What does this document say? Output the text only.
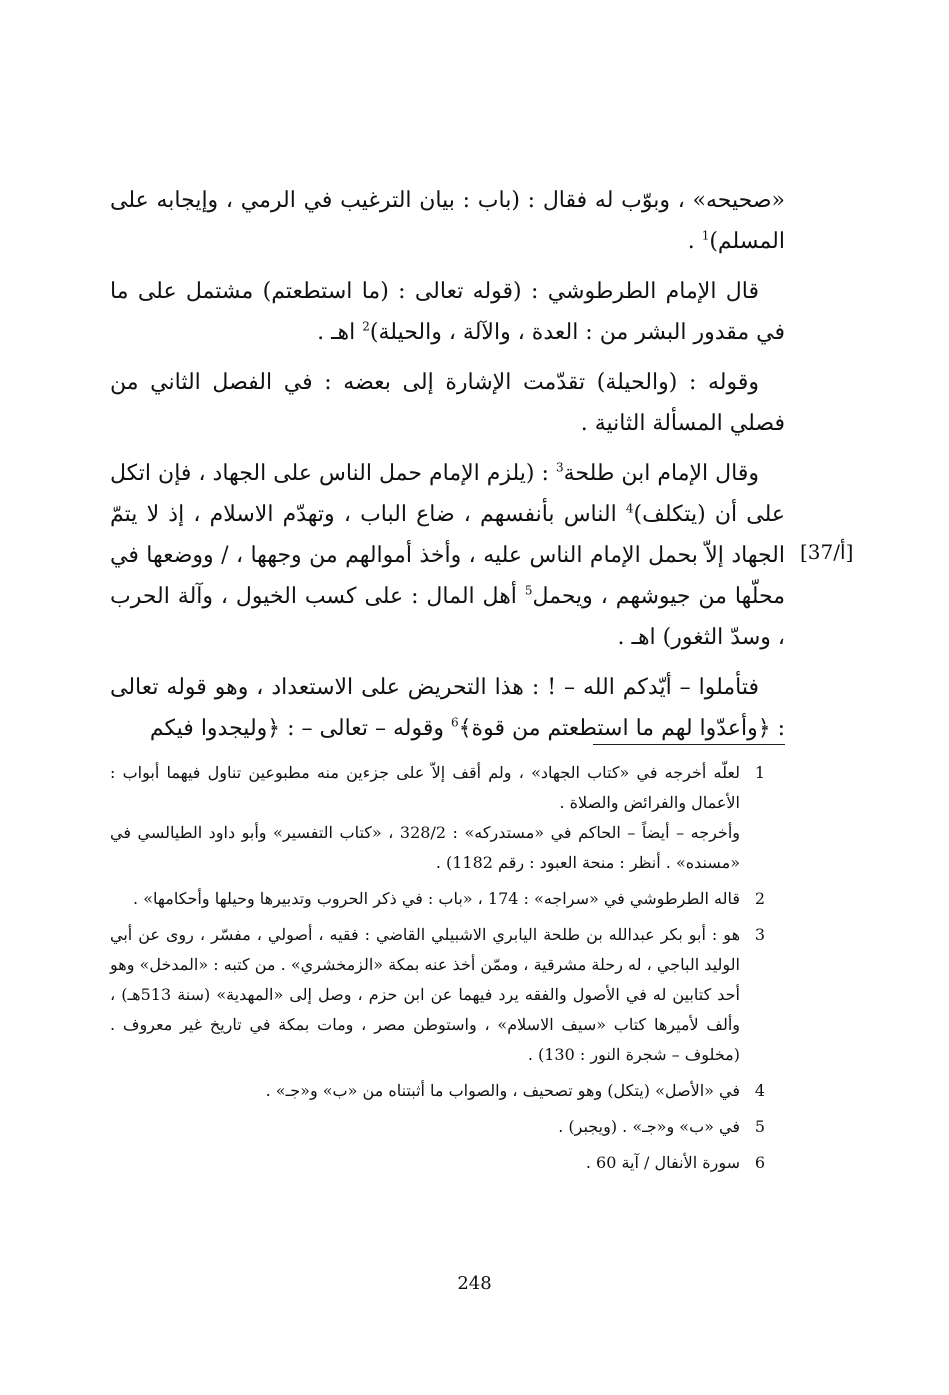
«صحيحه» ، وبوّب له فقال : (باب : بيان الترغيب في الرمي ، وإيجابه على المسلم)$^1$ .

قال الإمام الطرطوشي : (قوله تعالى : (ما استطعتم) مشتمل على ما في مقدور البشر من : العدة ، والآلة ، والحيلة)$^2$ اهـ .

وقوله : (والحيلة) تقدّمت الإشارة إلى بعضه : في الفصل الثاني من فصلي المسألة الثانية .

وقال الإمام ابن طلحة$^3$ : (يلزم الإمام حمل الناس على الجهاد ، فإن اتكل على أن (يتكلف)$^4$ الناس بأنفسهم ، ضاع الباب ، وتهدّم الاسلام ، إذ لا يتمّ الجهاد إلاّ بحمل الإمام الناس عليه ، وأخذ أموالهم من وجهها ، / ووضعها في محلّها من جيوشهم ، ويحمل$^5$ أهل المال : على كسب الخيول ، وآلة الحرب ، وسدّ الثغور) اهـ .

فتأملوا – أيّدكم الله – ! : هذا التحريض على الاستعداد ، وهو قوله تعالى : ﴿وأعدّوا لهم ما استطعتم من قوة﴾$^6$ وقوله – تعالى – : ﴿وليجدوا فيكم

[37/أ]
1
لعلّه أخرجه في «كتاب الجهاد» ، ولم أقف إلاّ على جزءين منه مطبوعين تناول فيهما أبواب : الأعمال والفرائض والصلاة .
وأخرجه – أيضاً – الحاكم في «مستدركه» : 328/2 ، «كتاب التفسير» وأبو داود الطيالسي في «مسنده» . أنظر : منحة العبود : رقم 1182) .
2
قاله الطرطوشي في «سراجه» : 174 ، «باب : في ذكر الحروب وتدبيرها وحيلها وأحكامها» .
3
هو : أبو بكر عبدالله بن طلحة اليابري الاشبيلي القاضي : فقيه ، أصولي ، مفسّر ، روى عن أبي الوليد الباجي ، له رحلة مشرقية ، وممّن أخذ عنه بمكة «الزمخشري» . من كتبه : «المدخل» وهو أحد كتابين له في الأصول والفقه يرد فيهما عن ابن حزم ، وصل إلى «المهدية» (سنة 513هـ) ، وألف لأميرها كتاب «سيف الاسلام» ، واستوطن مصر ، ومات بمكة في تاريخ غير معروف . (مخلوف – شجرة النور : 130) .
4
في «الأصل» (يتكل) وهو تصحيف ، والصواب ما أثبتناه من «ب» و«جـ» .
5
في «ب» و«جـ» . (ويجبر) .
6
سورة الأنفال / آية 60 .
248
